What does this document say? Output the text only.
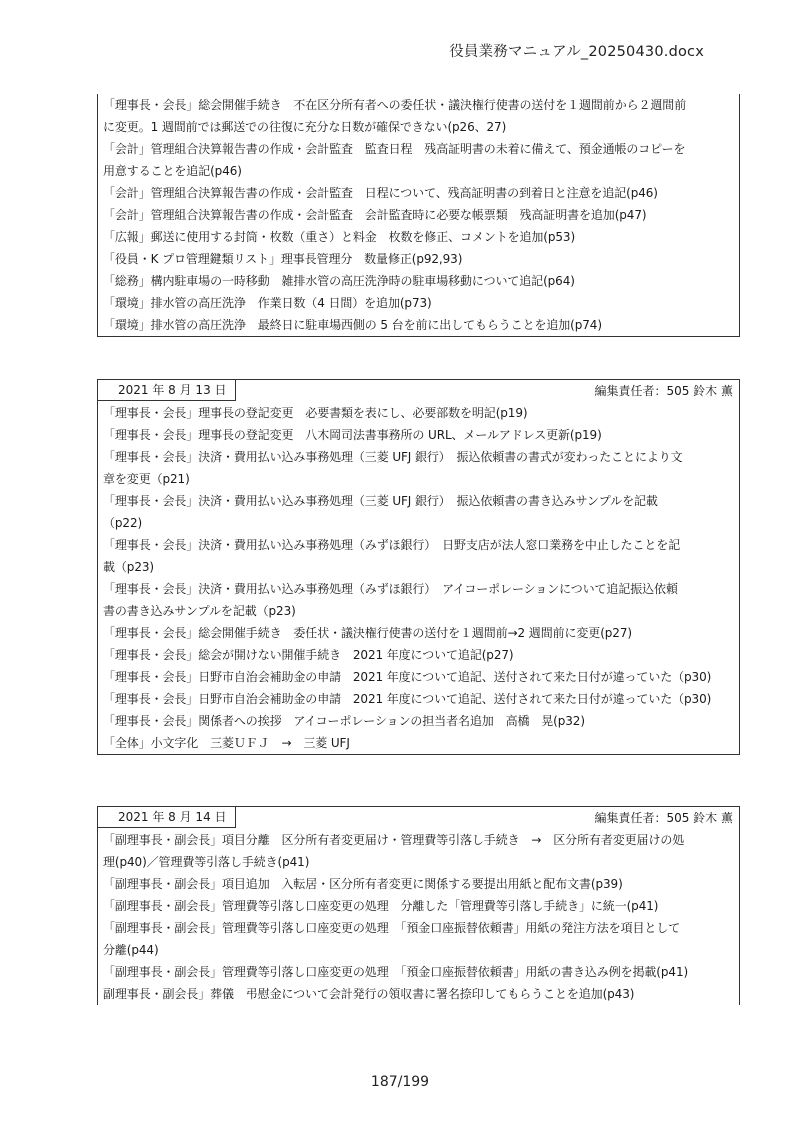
役員業務マニュアル_20250430.docx
「理事長・会長」総会開催手続き　不在区分所有者への委任状・議決権行使書の送付を１週間前から２週間前
に変更。1 週間前では郵送での往復に充分な日数が確保できない(p26、27)
「会計」管理組合決算報告書の作成・会計監査　監査日程　残高証明書の未着に備えて、預金通帳のコピーを
用意することを追記(p46)
「会計」管理組合決算報告書の作成・会計監査　日程について、残高証明書の到着日と注意を追記(p46)
「会計」管理組合決算報告書の作成・会計監査　会計監査時に必要な帳票類　残高証明書を追加(p47)
「広報」郵送に使用する封筒・枚数（重さ）と料金　枚数を修正、コメントを追加(p53)
「役員・K プロ管理鍵類リスト」理事長管理分　数量修正(p92,93)
「総務」構内駐車場の一時移動　雑排水管の高圧洗浄時の駐車場移動について追記(p64)
「環境」排水管の高圧洗浄　作業日数（4 日間）を追加(p73)
「環境」排水管の高圧洗浄　最終日に駐車場西側の 5 台を前に出してもらうことを追加(p74)
2021 年 8 月 13 日	編集責任者：505 鈴木 薫
「理事長・会長」理事長の登記変更　必要書類を表にし、必要部数を明記(p19)
「理事長・会長」理事長の登記変更　八木岡司法書事務所の URL、メールアドレス更新(p19)
「理事長・会長」決済・費用払い込み事務処理（三菱 UFJ 銀行）　振込依頼書の書式が変わったことにより文
章を変更（p21)
「理事長・会長」決済・費用払い込み事務処理（三菱 UFJ 銀行）　振込依頼書の書き込みサンプルを記載
（p22)
「理事長・会長」決済・費用払い込み事務処理（みずほ銀行）　日野支店が法人窓口業務を中止したことを記
載（p23)
「理事長・会長」決済・費用払い込み事務処理（みずほ銀行）　アイコーポレーションについて追記振込依頼
書の書き込みサンプルを記載（p23)
「理事長・会長」総会開催手続き　委任状・議決権行使書の送付を１週間前→2 週間前に変更(p27)
「理事長・会長」総会が開けない開催手続き　2021 年度について追記(p27)
「理事長・会長」日野市自治会補助金の申請　2021 年度について追記、送付されて来た日付が違っていた（p30)
「理事長・会長」日野市自治会補助金の申請　2021 年度について追記、送付されて来た日付が違っていた（p30)
「理事長・会長」関係者への挨拶　アイコーポレーションの担当者名追加　高橋　晃(p32)
「全体」小文字化　三菱ＵＦＪ　→　三菱 UFJ
2021 年 8 月 14 日	編集責任者：505 鈴木 薫
「副理事長・副会長」項目分離　区分所有者変更届け・管理費等引落し手続き　→　区分所有者変更届けの処
理(p40)／管理費等引落し手続き(p41)
「副理事長・副会長」項目追加　入転居・区分所有者変更に関係する要提出用紙と配布文書(p39)
「副理事長・副会長」管理費等引落し口座変更の処理　分離した「管理費等引落し手続き」に統一(p41)
「副理事長・副会長」管理費等引落し口座変更の処理　「預金口座振替依頼書」用紙の発注方法を項目として
分離(p44)
「副理事長・副会長」管理費等引落し口座変更の処理　「預金口座振替依頼書」用紙の書き込み例を掲載(p41)
副理事長・副会長」葬儀　弔慰金について会計発行の領収書に署名捺印してもらうことを追加(p43)
187/199
